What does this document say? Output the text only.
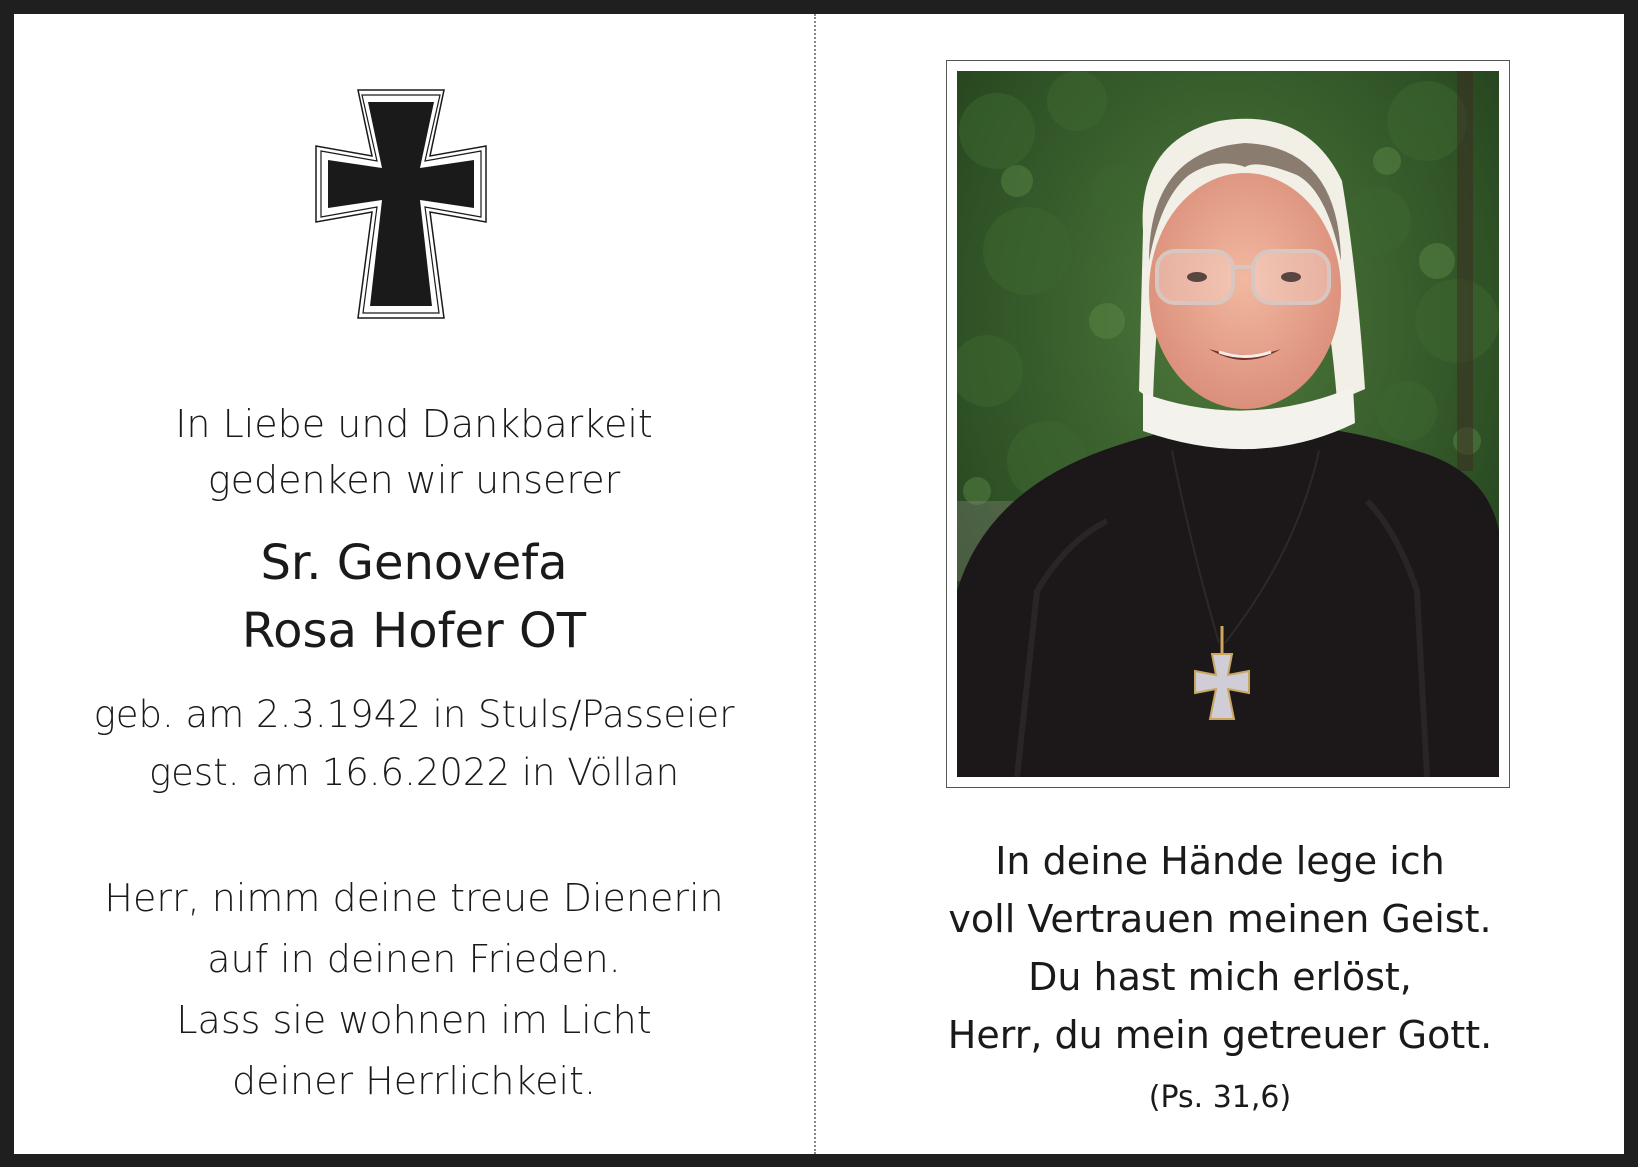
In Liebe und Dankbarkeit
gedenken wir unserer
Sr. Genovefa
Rosa Hofer OT
geb. am 2.3.1942 in Stuls/Passeier
gest. am 16.6.2022 in Völlan
Herr, nimm deine treue Dienerin
auf in deinen Frieden.
Lass sie wohnen im Licht
deiner Herrlichkeit.
In deine Hände lege ich
voll Vertrauen meinen Geist.
Du hast mich erlöst,
Herr, du mein getreuer Gott.
(Ps. 31,6)
